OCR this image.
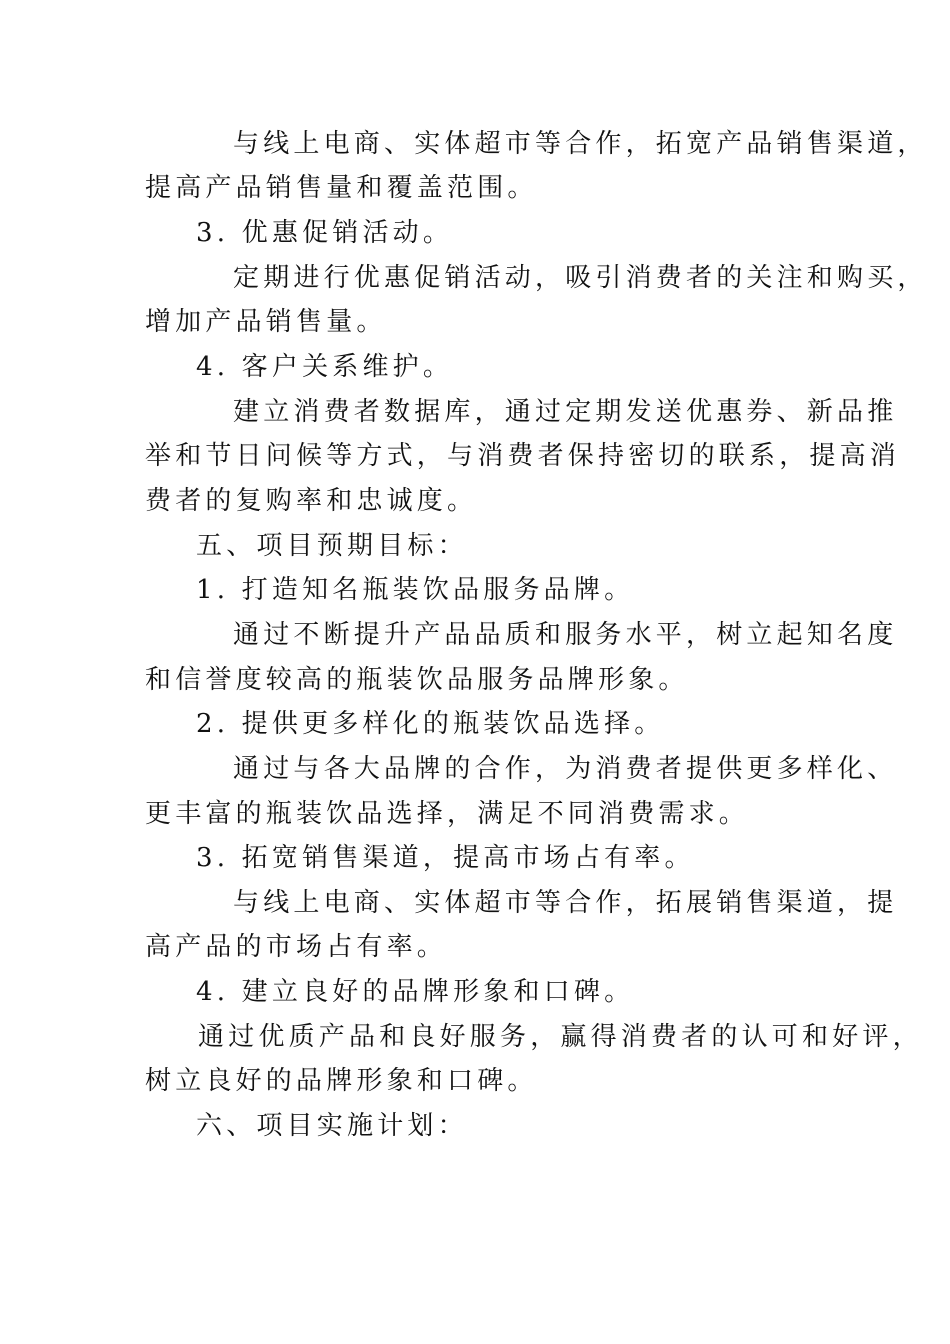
与线上电商、实体超市等合作，拓宽产品销售渠道，
提高产品销售量和覆盖范围。
3. 优惠促销活动。
定期进行优惠促销活动，吸引消费者的关注和购买，
增加产品销售量。
4. 客户关系维护。
建立消费者数据库，通过定期发送优惠券、新品推
举和节日问候等方式，与消费者保持密切的联系，提高消
费者的复购率和忠诚度。
五、项目预期目标：
1. 打造知名瓶装饮品服务品牌。
通过不断提升产品品质和服务水平，树立起知名度
和信誉度较高的瓶装饮品服务品牌形象。
2. 提供更多样化的瓶装饮品选择。
通过与各大品牌的合作，为消费者提供更多样化、
更丰富的瓶装饮品选择，满足不同消费需求。
3. 拓宽销售渠道，提高市场占有率。
与线上电商、实体超市等合作，拓展销售渠道，提
高产品的市场占有率。
4. 建立良好的品牌形象和口碑。
通过优质产品和良好服务，赢得消费者的认可和好评，
树立良好的品牌形象和口碑。
六、项目实施计划：
